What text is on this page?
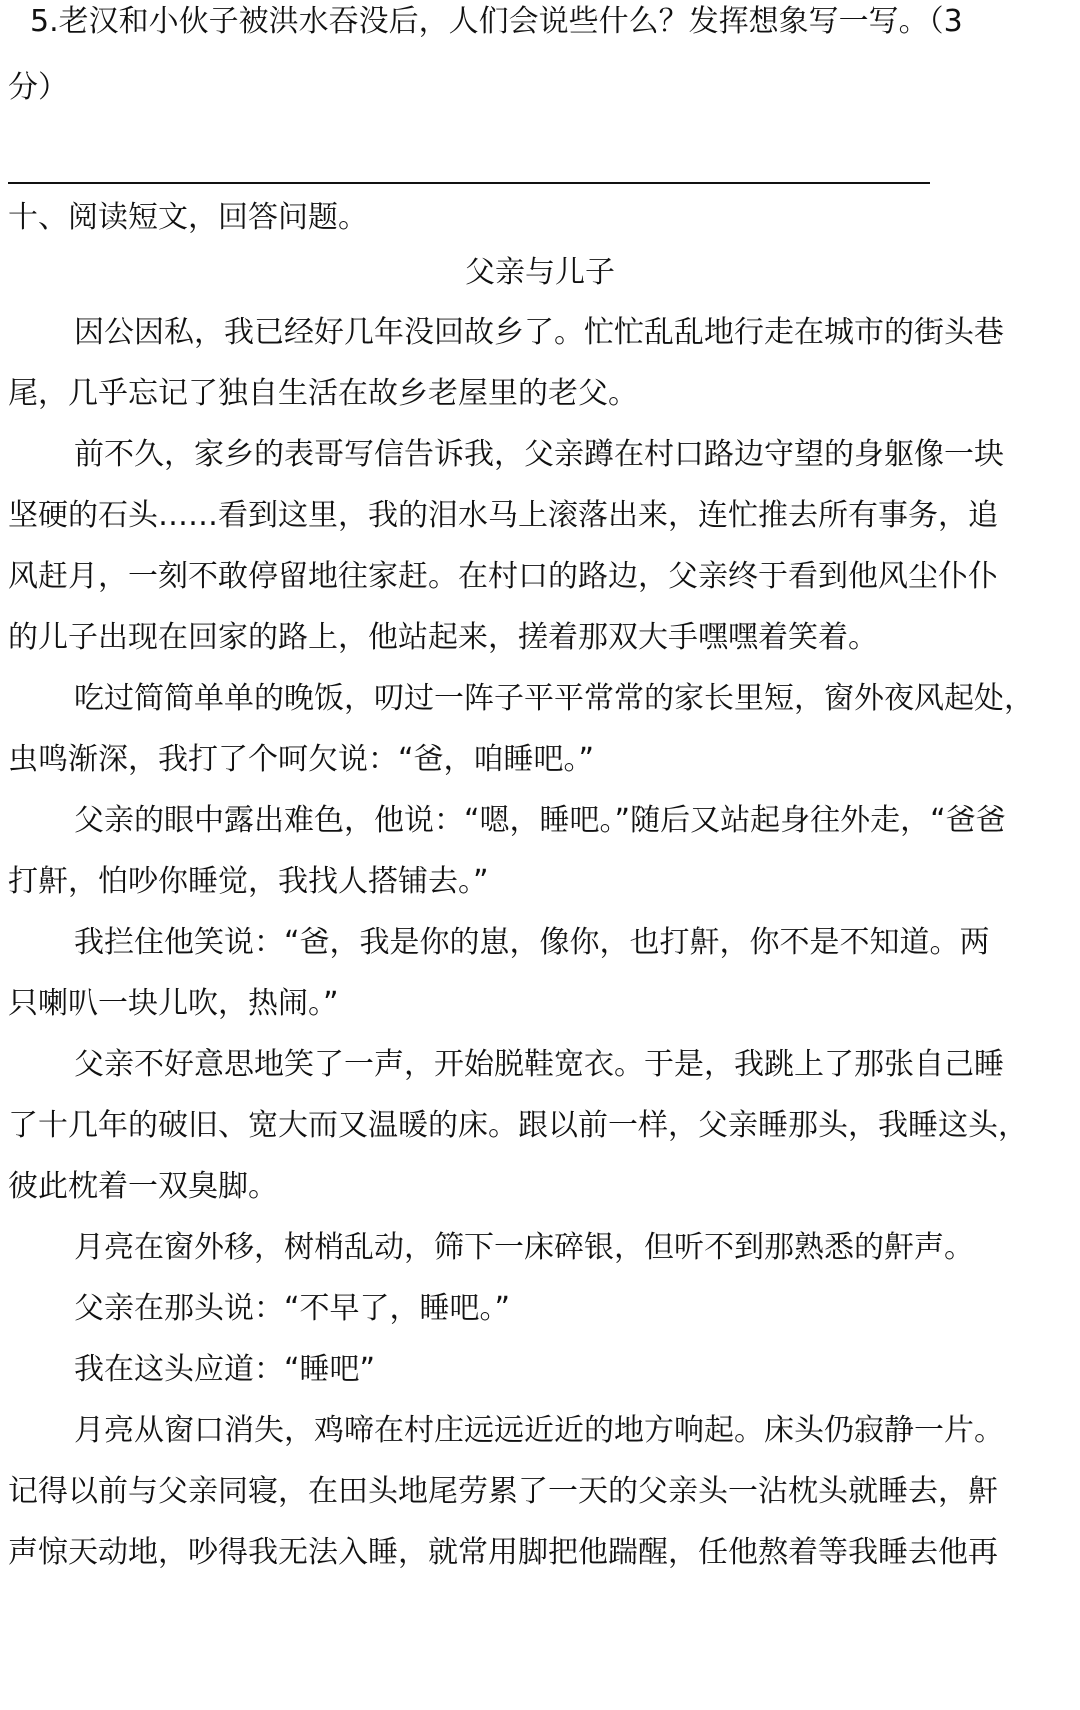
5.老汉和小伙子被洪水吞没后，人们会说些什么？发挥想象写一写。（3
分）
十、阅读短文，回答问题。
父亲与儿子
因公因私，我已经好几年没回故乡了。忙忙乱乱地行走在城市的街头巷
尾，几乎忘记了独自生活在故乡老屋里的老父。
前不久，家乡的表哥写信告诉我，父亲蹲在村口路边守望的身躯像一块
坚硬的石头……看到这里，我的泪水马上滚落出来，连忙推去所有事务，追
风赶月，一刻不敢停留地往家赶。在村口的路边，父亲终于看到他风尘仆仆
的儿子出现在回家的路上，他站起来，搓着那双大手嘿嘿着笑着。
吃过简简单单的晚饭，叨过一阵子平平常常的家长里短，窗外夜风起处，
虫鸣渐深，我打了个呵欠说：“爸，咱睡吧。”
父亲的眼中露出难色，他说：“嗯，睡吧。”随后又站起身往外走，“爸爸
打鼾，怕吵你睡觉，我找人搭铺去。”
我拦住他笑说：“爸，我是你的崽，像你，也打鼾，你不是不知道。两
只喇叭一块儿吹，热闹。”
父亲不好意思地笑了一声，开始脱鞋宽衣。于是，我跳上了那张自己睡
了十几年的破旧、宽大而又温暖的床。跟以前一样，父亲睡那头，我睡这头，
彼此枕着一双臭脚。
月亮在窗外移，树梢乱动，筛下一床碎银，但听不到那熟悉的鼾声。
父亲在那头说：“不早了，睡吧。”
我在这头应道：“睡吧”
月亮从窗口消失，鸡啼在村庄远远近近的地方响起。床头仍寂静一片。
记得以前与父亲同寝，在田头地尾劳累了一天的父亲头一沾枕头就睡去，鼾
声惊天动地，吵得我无法入睡，就常用脚把他踹醒，任他熬着等我睡去他再
